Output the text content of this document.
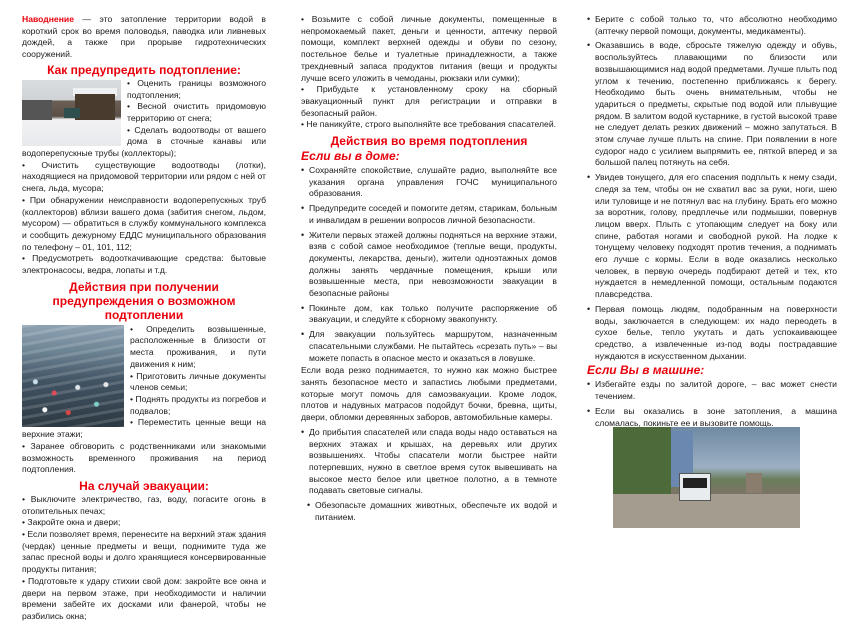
Наводнение — это затопление территории водой в короткий срок во время половодья, паводка или ливневых дождей, а также при прорыве гидротехнических сооружений.

Как предупредить подтопление:

• Оценить границы возможного подтопления;

• Весной очистить придомовую территорию от снега;

• Сделать водоотводы от вашего дома в сточные канавы или водоперепускные трубы (коллекторы);

• Очистить существующие водоотводы (лотки), находящиеся на придомовой территории или рядом с ней от снега, льда, мусора;

• При обнаружении неисправности водоперепускных труб (коллекторов) вблизи вашего дома (забития снегом, льдом, мусором) — обратиться в службу коммунального комплекса и сообщить дежурному ЕДДС муниципального образования по телефону – 01, 101, 112;

• Предусмотреть водооткачивающие средства: бытовые электронасосы, ведра, лопаты и т.д.

Действия при получении предупреждения о возможном подтоплении

• Определить возвышенные, расположенные в близости от места проживания, и пути движения к ним;

• Приготовить личные документы членов семьи;

• Поднять продукты из погребов и подвалов;

• Переместить ценные вещи на верхние этажи;

• Заранее обговорить с родственниками или знакомыми возможность временного проживания на период подтопления.

На случай эвакуации:

• Выключите электричество, газ, воду, погасите огонь в отопительных печах;

• Закройте окна и двери;

• Если позволяет время, перенесите на верхний этаж здания (чердак) ценные предметы и вещи, поднимите туда же запас пресной воды и долго хранящиеся консервированные продукты питания;

• Подготовьте к удару стихии свой дом: закройте все окна и двери на первом этаже, при необходимости и наличии времени забейте их досками или фанерой, чтобы не разбились окна;

• Возьмите с собой личные документы, помещенные в непромокаемый пакет, деньги и ценности, аптечку первой помощи, комплект верхней одежды и обуви по сезону, постельное белье и туалетные принадлежности, а также трехдневный запаса продуктов питания (вещи и продукты лучше всего уложить в чемоданы, рюкзаки или сумки);

• Прибудьте к установленному сроку на сборный эвакуационный пункт для регистрации и отправки в безопасный район.

• Не паникуйте, строго выполняйте все требования спасателей.

Действия во время подтопления
Если вы в доме:
• Сохраняйте спокойствие, слушайте радио, выполняйте все указания органа управления ГОЧС муниципального образования.
• Предупредите соседей и помогите детям, старикам, больным и инвалидам в решении вопросов личной безопасности.
• Жители первых этажей должны подняться на верхние этажи, взяв с собой самое необходимое (теплые вещи, продукты, документы, лекарства, деньги), жители одноэтажных домов должны занять чердачные помещения, крыши или возвышенные места, при невозможности эвакуации в безопасные районы
• Покиньте дом, как только получите распоряжение об эвакуации, и следуйте к сборному эвакопункту.
• Для эвакуации пользуйтесь маршрутом, назначенным спасательными службами. Не пытайтесь «срезать путь» – вы можете попасть в опасное место и оказаться в ловушке.

Если вода резко поднимается, то нужно как можно быстрее занять безопасное место и запастись любыми предметами, которые могут помочь для самоэвакуации. Кроме лодок, плотов и надувных матрасов подойдут бочки, бревна, щиты, двери, обломки деревянных заборов, автомобильные камеры.

• До прибытия спасателей или спада воды надо оставаться на верхних этажах и крышах, на деревьях или других возвышениях. Чтобы спасатели могли быстрее найти потерпевших, нужно в светлое время суток вывешивать на высокое место белое или цветное полотно, а в темноте подавать световые сигналы.
• Обезопасьте домашних животных, обеспечьте их водой и питанием.
• Берите с собой только то, что абсолютно необходимо (аптечку первой помощи, документы, медикаменты).
• Оказавшись в воде, сбросьте тяжелую одежду и обувь, воспользуйтесь плавающими по близости или возвышающимися над водой предметами. Лучше плыть под углом к течению, постепенно приближаясь к берегу. Необходимо быть очень внимательным, чтобы не удариться о предметы, скрытые под водой или плывущие рядом. В залитом водой кустарнике, в густой высокой траве не следует делать резких движений – можно запутаться. В этом случае лучше плыть на спине. При появлении в ноге судорог надо с усилием выпрямить ее, пяткой вперед и за большой палец потянуть на себя.
• Увидев тонущего, для его спасения подплыть к нему сзади, следя за тем, чтобы он не схватил вас за руки, ноги, шею или туловище и не потянул вас на глубину. Брать его можно за воротник, голову, предплечье или подмышки, повернув лицом вверх. Плыть с утопающим следует на боку или спине, работая ногами и свободной рукой. На лодке к тонущему человеку подходят против течения, а поднимать его лучше с кормы. Если в воде оказались несколько человек, в первую очередь подбирают детей и тех, кто нуждается в немедленной помощи, остальным подаются плавсредства.
• Первая помощь людям, подобранным на поверхности воды, заключается в следующем: их надо переодеть в сухое белье, тепло укутать и дать успокаивающее средство, а извлеченные из-под воды пострадавшие нуждаются в искусственном дыхании.
Если Вы в машине:
• Избегайте езды по залитой дороге, – вас может снести течением.
• Если вы оказались в зоне затопления, а машина сломалась, покиньте ее и вызовите помощь.
